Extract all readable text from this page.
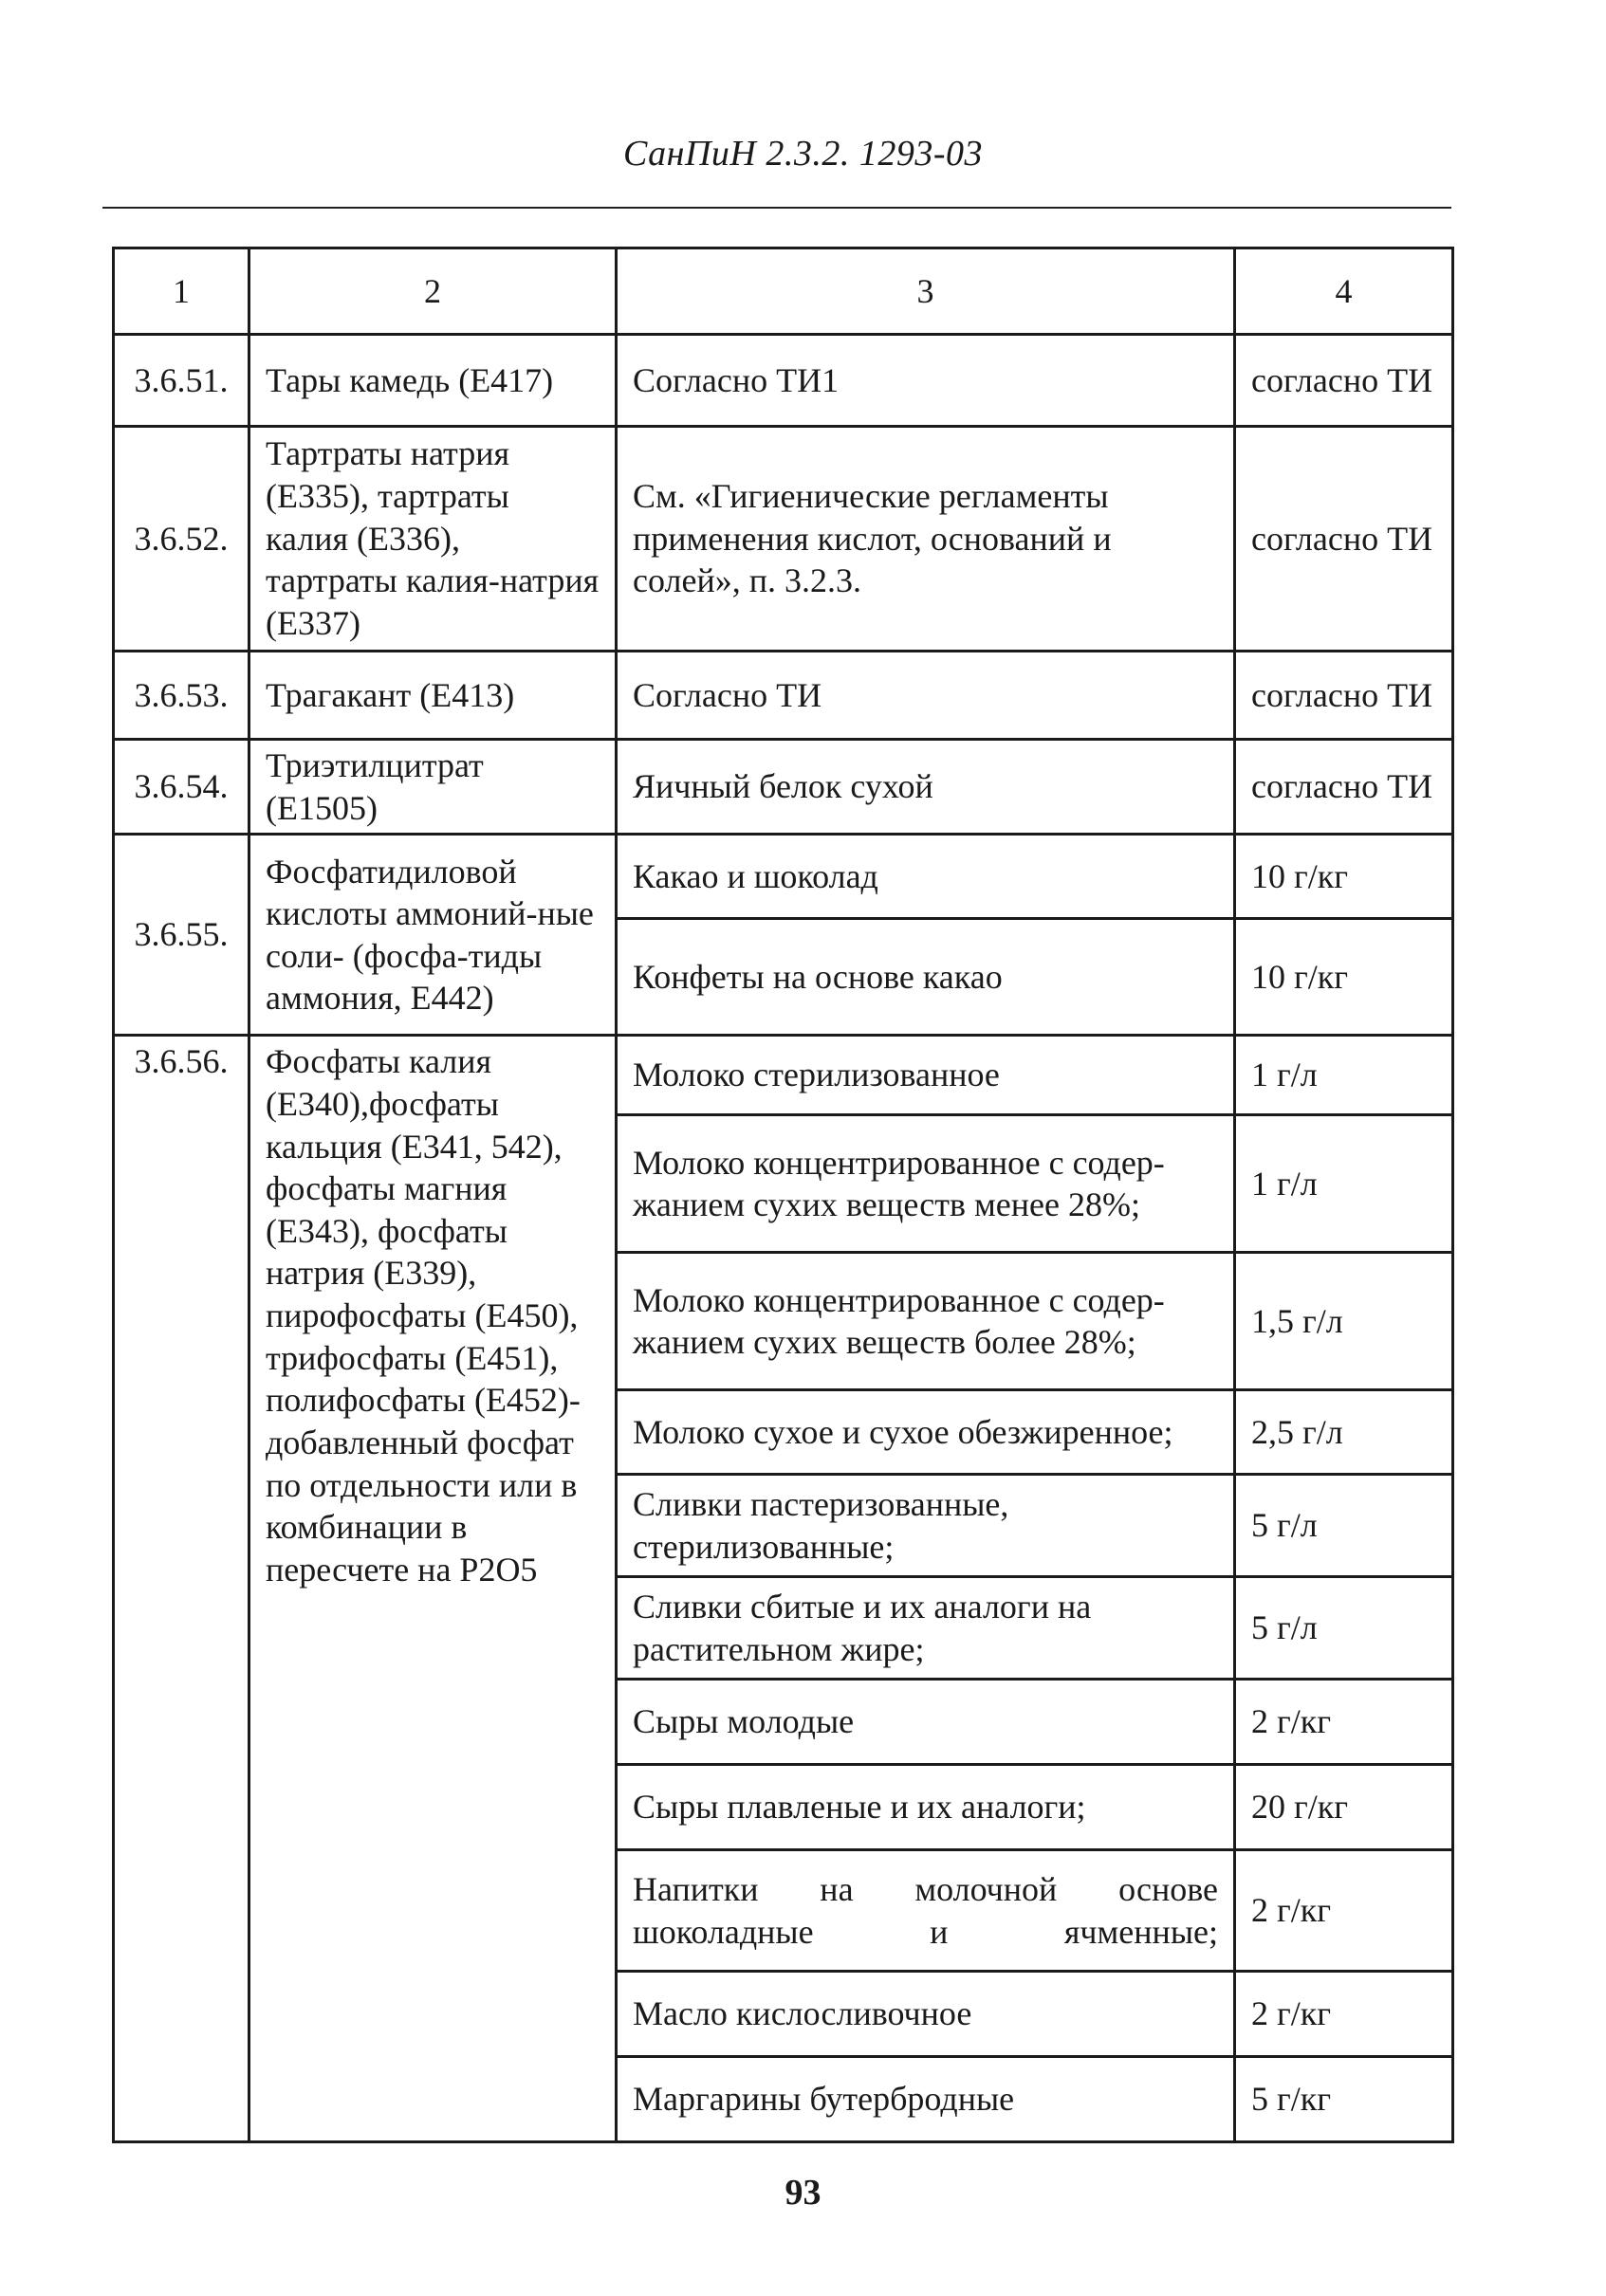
СанПиН 2.3.2. 1293-03
1	2	3	4
3.6.51.	Тары камедь (Е417)	Согласно ТИ1	согласно ТИ
3.6.52.	Тартраты натрия (Е335), тартраты калия (Е336), тартраты калия-натрия (Е337)	См. «Гигиенические регламенты применения кислот, оснований и солей», п. 3.2.3.	согласно ТИ
3.6.53.	Трагакант (Е413)	Согласно ТИ	согласно ТИ
3.6.54.	Триэтилцитрат (Е1505)	Яичный белок сухой	согласно ТИ
3.6.55.	Фосфатидиловой кислоты аммоний-ные соли- (фосфа-тиды аммония, Е442)	Какао и шоколад	10 г/кг
		Конфеты на основе какао	10 г/кг
3.6.56.	Фосфаты калия (Е340),фосфаты кальция (Е341, 542), фосфаты магния (Е343), фосфаты натрия (Е339), пирофосфаты (Е450), трифосфаты (Е451), полифосфаты (Е452)-добавленный фосфат по отдельности или в комбинации в пересчете на Р2О5	Молоко стерилизованное	1 г/л
		Молоко концентрированное с содер-жанием сухих веществ менее 28%;	1 г/л
		Молоко концентрированное с содер-жанием сухих веществ более 28%;	1,5 г/л
		Молоко сухое и сухое обезжиренное;	2,5 г/л
		Сливки пастеризованные, стерилизованные;	5 г/л
		Сливки сбитые и их аналоги на растительном жире;	5 г/л
		Сыры молодые	2 г/кг
		Сыры плавленые и их аналоги;	20 г/кг
		Напитки на молочной основе шоколадные и ячменные;	2 г/кг
		Масло кислосливочное	2 г/кг
		Маргарины бутербродные	5 г/кг
93
